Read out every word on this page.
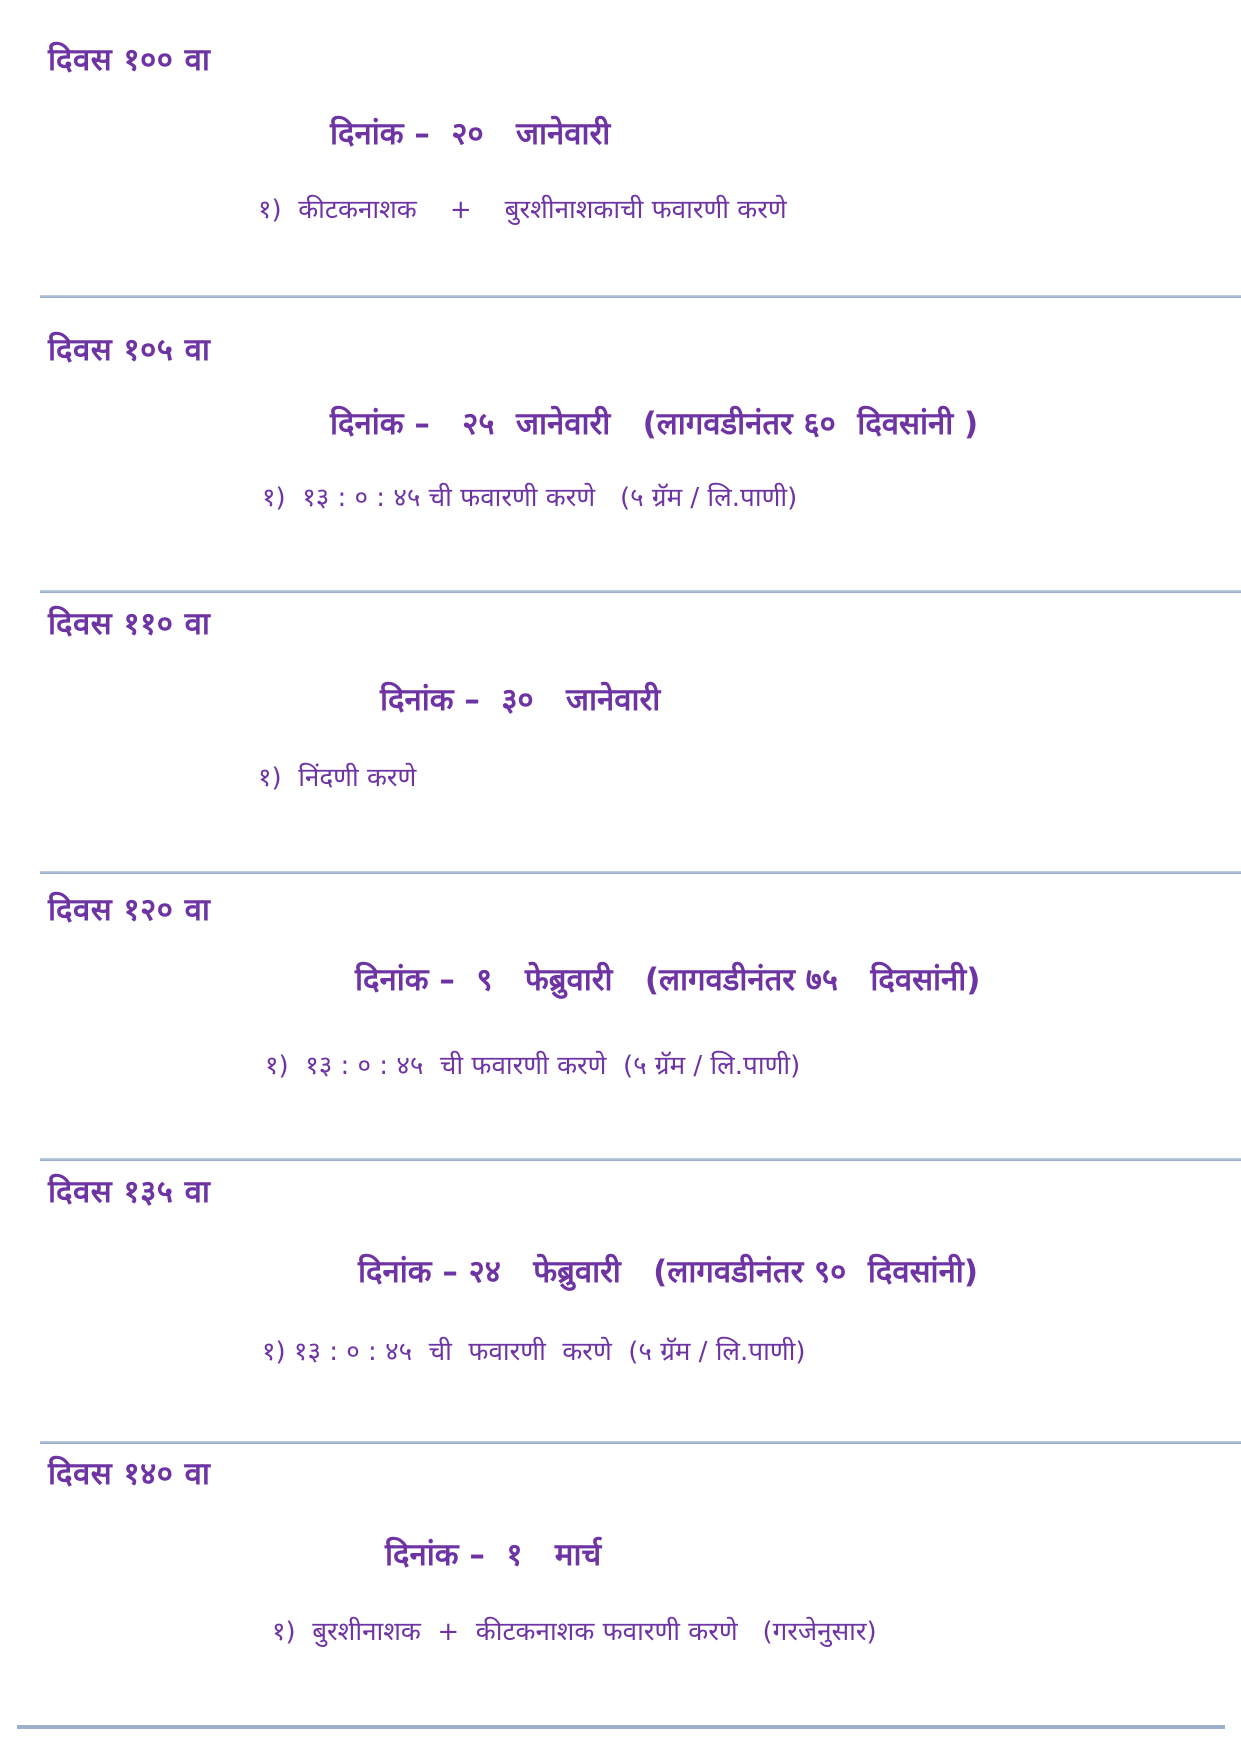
दिवस १०० वा
दिनांक –  २०   जानेवारी
१)  कीटकनाशक    +    बुरशीनाशकाची फवारणी करणे
दिवस १०५ वा
दिनांक –   २५  जानेवारी   (लागवडीनंतर ६०  दिवसांनी )
१)  १३ : ० : ४५ ची फवारणी करणे   (५ ग्रॅम / लि.पाणी)
दिवस ११० वा
दिनांक –  ३०   जानेवारी
१)  निंदणी करणे
दिवस १२० वा
दिनांक –  ९   फेब्रुवारी   (लागवडीनंतर ७५   दिवसांनी)
१)  १३ : ० : ४५  ची फवारणी करणे  (५ ग्रॅम / लि.पाणी)
दिवस १३५ वा
दिनांक – २४   फेब्रुवारी   (लागवडीनंतर ९०  दिवसांनी)
१) १३ : ० : ४५  ची  फवारणी  करणे  (५ ग्रॅम / लि.पाणी)
दिवस १४० वा
दिनांक –  १   मार्च
१)  बुरशीनाशक  +  कीटकनाशक फवारणी करणे   (गरजेनुसार)
